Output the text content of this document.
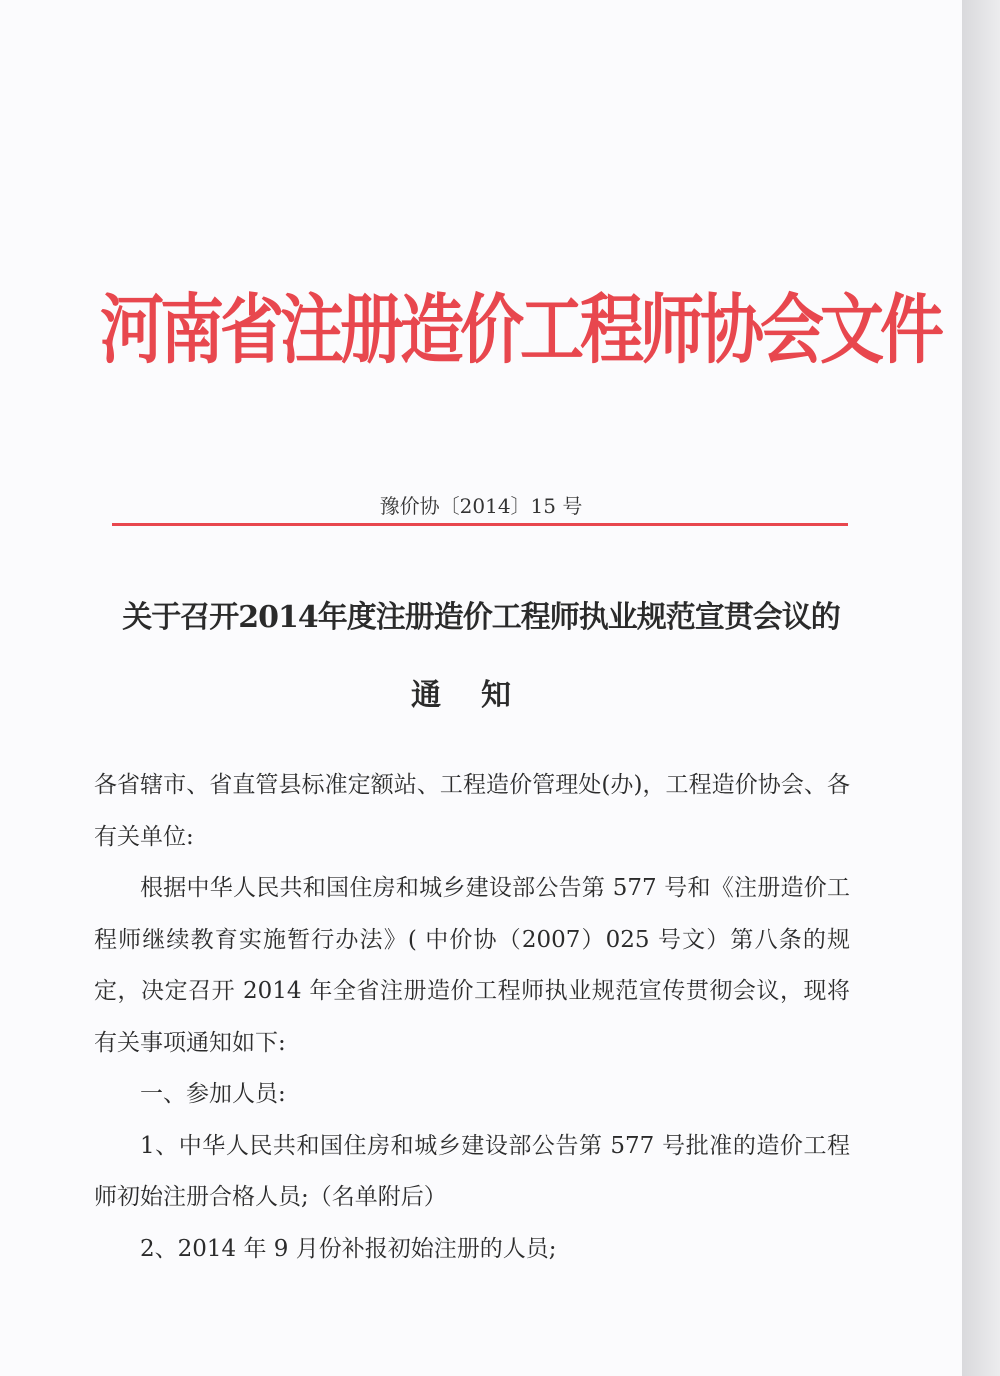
河南省注册造价工程师协会文件
豫价协〔2014〕15 号
关于召开2014年度注册造价工程师执业规范宣贯会议的
通知

各省辖市、省直管县标准定额站、工程造价管理处(办)，工程造价协会、各有关单位:

根据中华人民共和国住房和城乡建设部公告第 577 号和《注册造价工程师继续教育实施暂行办法》( 中价协（2007）025 号文）第八条的规定，决定召开 2014 年全省注册造价工程师执业规范宣传贯彻会议，现将有关事项通知如下:

一、参加人员:

1、中华人民共和国住房和城乡建设部公告第 577 号批准的造价工程师初始注册合格人员;（名单附后）

2、2014 年 9 月份补报初始注册的人员;
